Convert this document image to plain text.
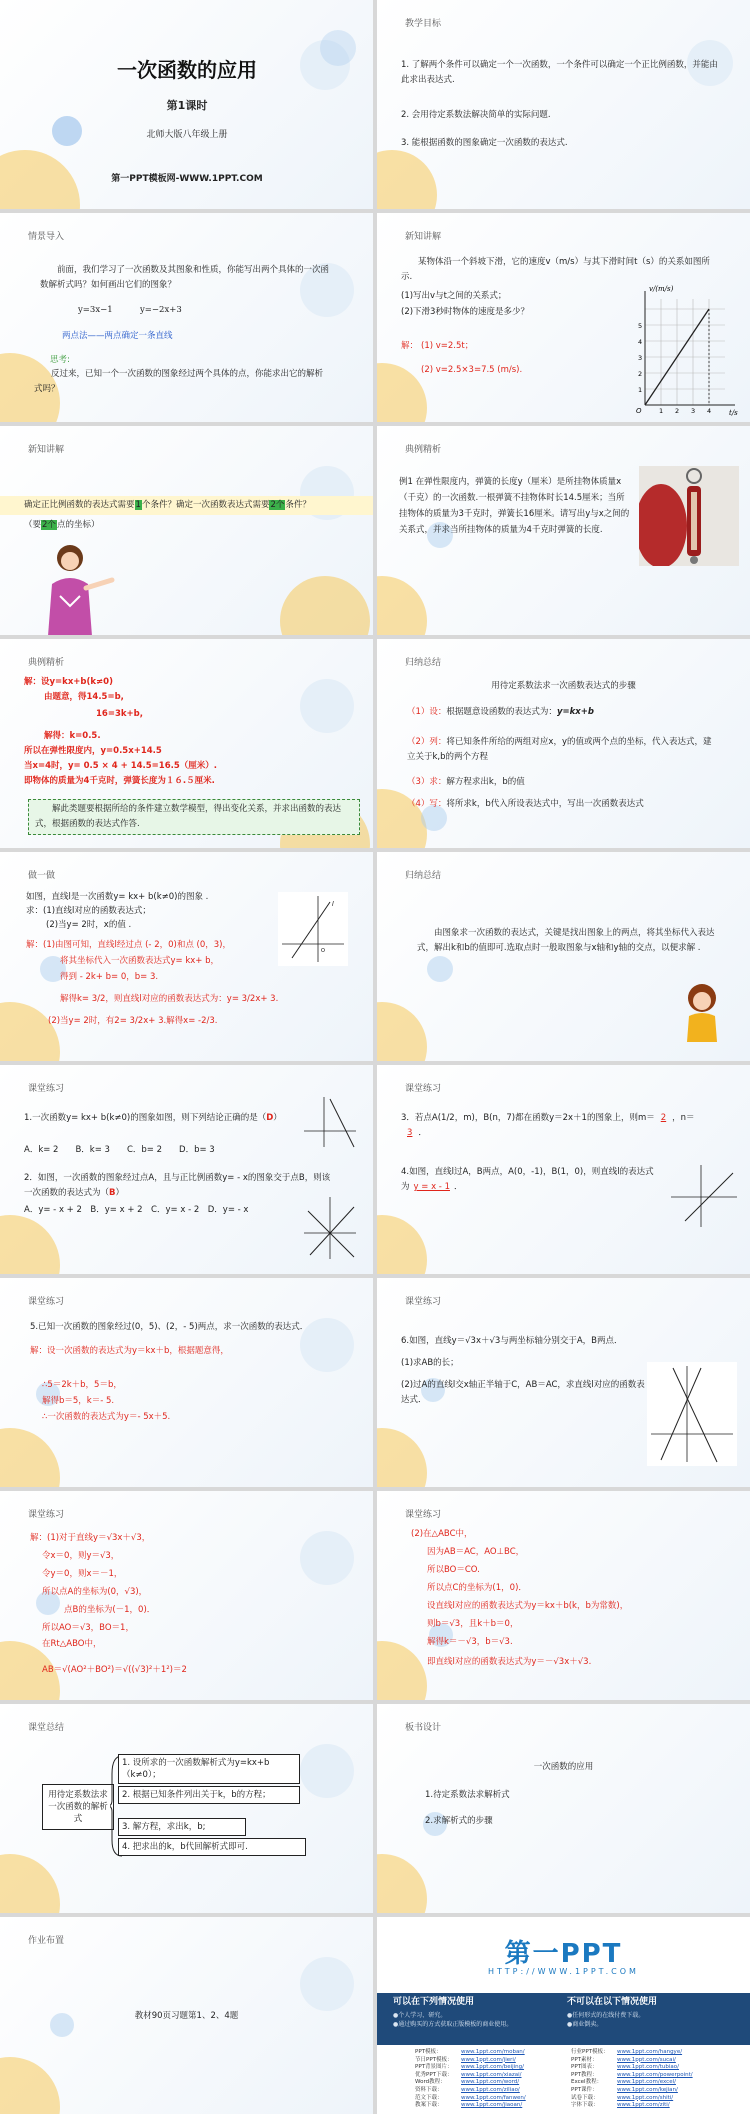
一次函数的应用
第1课时
北师大版八年级上册
第一PPT模板网-WWW.1PPT.COM
教学目标
1. 了解两个条件可以确定一个一次函数，一个条件可以确定一个正比例函数，并能由此求出表达式.
2. 会用待定系数法解决简单的实际问题.
3. 能根据函数的图象确定一次函数的表达式.
情景导入
前面，我们学习了一次函数及其图象和性质，你能写出两个具体的一次函数解析式吗？如何画出它们的图象？
y=3x−1	y=−2x+3
两点法——两点确定一条直线
思考:
反过来，已知一个一次函数的图象经过两个具体的点，你能求出它的解析式吗？
新知讲解
某物体沿一个斜坡下滑，它的速度v（m/s）与其下滑时间t（s）的关系如图所示.
(1)写出v与t之间的关系式；
(2)下滑3秒时物体的速度是多少？
解： (1) v=2.5t；
(2) v=2.5×3=7.5 (m/s).
v/(m/s)
t/s
O
1
2
3
4
5
1 2 3 4
新知讲解
确定正比例函数的表达式需要1个条件？确定一次函数表达式需要2个条件？
（要2个点的坐标）
典例精析
例1 在弹性限度内，弹簧的长度y（厘米）是所挂物体质量x（千克）的一次函数.一根弹簧不挂物体时长14.5厘米；当所挂物体的质量为3千克时，弹簧长16厘米。请写出y与x之间的关系式，并求当所挂物体的质量为4千克时弹簧的长度.
典例精析
解：设y=kx+b(k≠0)
由题意，得14.5=b,
16=3k+b,
解得：k=0.5.
所以在弹性限度内，y=0.5x+14.5
当x=4时，y= 0.5 × 4 + 14.5=16.5（厘米）.
即物体的质量为4千克时，弹簧长度为１６.５厘米.
解此类题要根据所给的条件建立数学模型，得出变化关系，并求出函数的表达式，根据函数的表达式作答.
归纳总结
用待定系数法求一次函数表达式的步骤
（1）设：根据题意设函数的表达式为：y=kx+b
（2）列：将已知条件所给的两组对应x，y的值或两个点的坐标，代入表达式，建立关于k,b的两个方程
（3）求：解方程求出k，b的值
（4）写：将所求k，b代入所设表达式中，写出一次函数表达式
做一做
如图，直线l是一次函数y= kx+ b(k≠0)的图象 .
求：(1)直线l对应的函数表达式；
(2)当y= 2时，x的值 .
解：(1)由图可知，直线l经过点 (- 2，0)和点 (0，3)，
将其坐标代入一次函数表达式y= kx+ b，
得到 - 2k+ b= 0，b= 3.
解得k= 3/2，则直线l对应的函数表达式为：y= 3/2x+ 3.
(2)当y= 2时，有2= 3/2x+ 3.解得x= -2/3.
l
O
归纳总结
由图象求一次函数的表达式，关键是找出图象上的两点，将其坐标代入表达式，解出k和b的值即可.选取点时一般取图象与x轴和y轴的交点，以便求解 .
课堂练习
1.一次函数y= kx+ b(k≠0)的图象如图，则下列结论正确的是（D）
A．k= 2　　B．k= 3　　C．b= 2　　D．b= 3
2．如图，一次函数的图象经过点A，且与正比例函数y= - x的图象交于点B，则该一次函数的表达式为（B）
A．y= - x + 2　B．y= x + 2　C．y= x - 2　D．y= - x
课堂练习
3．若点A(1/2，m)，B(n，7)都在函数y＝2x＋1的图象上，则m＝ 2 ，n＝3 ．
4.如图，直线l过A，B两点，A(0，-1)，B(1，0)，则直线l的表达式为 y = x - 1 ．
课堂练习
5.已知一次函数的图象经过(0，5)、(2，- 5)两点，求一次函数的表达式．
解：设一次函数的表达式为y＝kx＋b，根据题意得，
∴5＝2k＋b，5＝b，
解得b＝5，k＝- 5.
∴一次函数的表达式为y＝- 5x＋5.
课堂练习
6.如图，直线y＝√3x＋√3与两坐标轴分别交于A，B两点．
(1)求AB的长；
(2)过A的直线l交x轴正半轴于C，AB＝AC，求直线l对应的函数表达式．
课堂练习
解：(1)对于直线y＝√3x＋√3，
令x＝0，则y＝√3，
令y＝0，则x＝－1，
所以点A的坐标为(0，√3)，
点B的坐标为(－1，0)．
所以AO＝√3，BO＝1，
在Rt△ABO中，
AB＝√(AO²＋BO²)＝√((√3)²＋1²)＝2
课堂练习
(2)在△ABC中，
因为AB＝AC，AO⊥BC，
所以BO＝CO.
所以点C的坐标为(1，0)．
设直线l对应的函数表达式为y＝kx＋b(k，b为常数)，
则b＝√3，且k＋b＝0，
解得k＝－√3，b＝√3.
即直线l对应的函数表达式为y＝－√3x＋√3.
课堂总结
用待定系数法求一次函数的解析式
1. 设所求的一次函数解析式为y=kx+b（k≠0）；
2. 根据已知条件列出关于k，b的方程；
3. 解方程，求出k，b;
4. 把求出的k，b代回解析式即可.
板书设计
一次函数的应用
1.待定系数法求解析式
2.求解析式的步骤
作业布置
教材90页习题第1、2、4题
第一PPT
HTTP://WWW.1PPT.COM
可以在下列情况使用	不可以在以下情况使用
●个人学习、研究。
●通过购买的方式获取正版模板的商业使用。
●任何形式的在线付费下载。
●商业倒卖。
PPT模板：	www.1ppt.com/moban/
节日PPT模板： www.1ppt.com/jieri/
PPT背景图片： www.1ppt.com/beijing/
优秀PPT下载： www.1ppt.com/xiazai/
Word教程：	www.1ppt.com/word/
资料下载：	www.1ppt.com/ziliao/
范文下载：	www.1ppt.com/fanwen/
教案下载：	www.1ppt.com/jiaoan/
行业PPT模板： www.1ppt.com/hangye/
PPT素材：	www.1ppt.com/sucai/
PPT图表：	www.1ppt.com/tubiao/
PPT教程：	www.1ppt.com/powerpoint/
Excel教程：	www.1ppt.com/excel/
PPT课件：	www.1ppt.com/kejian/
试卷下载：	www.1ppt.com/shiti/
字体下载：	www.1ppt.com/ziti/
